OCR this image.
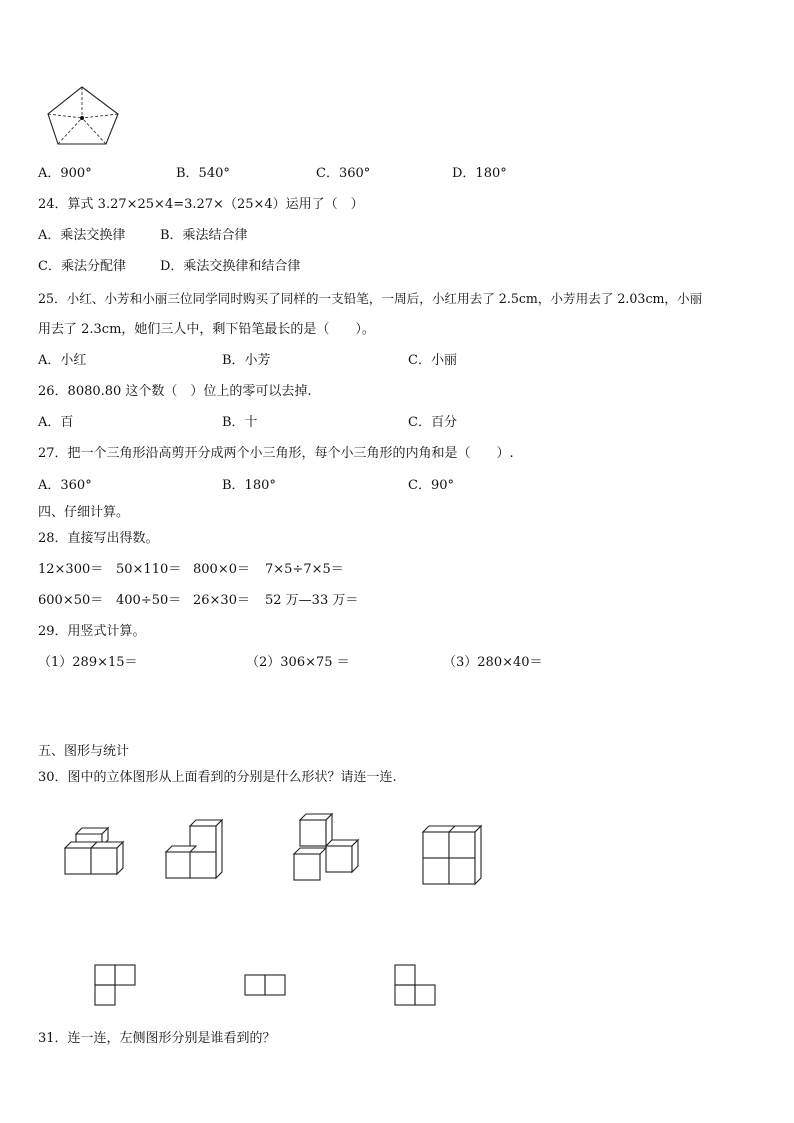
A．900°	B．540°	C．360°	D．180°
24．算式 3.27×25×4=3.27×（25×4）运用了（　）
A．乘法交换律	B．乘法结合律
C．乘法分配律	D．乘法交换律和结合律
25．小红、小芳和小丽三位同学同时购买了同样的一支铅笔，一周后，小红用去了 2.5cm，小芳用去了 2.03cm，小丽
用去了 2.3cm，她们三人中，剩下铅笔最长的是（　　）。
A．小红	B．小芳	C．小丽
26．8080.80 这个数（　）位上的零可以去掉.
A．百	B．十	C．百分
27．把一个三角形沿高剪开分成两个小三角形，每个小三角形的内角和是（　　）.
A．360°	B．180°	C．90°
四、仔细计算。
28．直接写出得数。
12×300＝ 50×110＝ 800×0＝ 7×5÷7×5＝
600×50＝ 400÷50＝ 26×30＝ 52 万—33 万＝
29．用竖式计算。
（1）289×15＝	（2）306×75 ＝	（3）280×40＝
五、图形与统计
30．图中的立体图形从上面看到的分别是什么形状？请连一连.
31．连一连，左侧图形分别是谁看到的？
